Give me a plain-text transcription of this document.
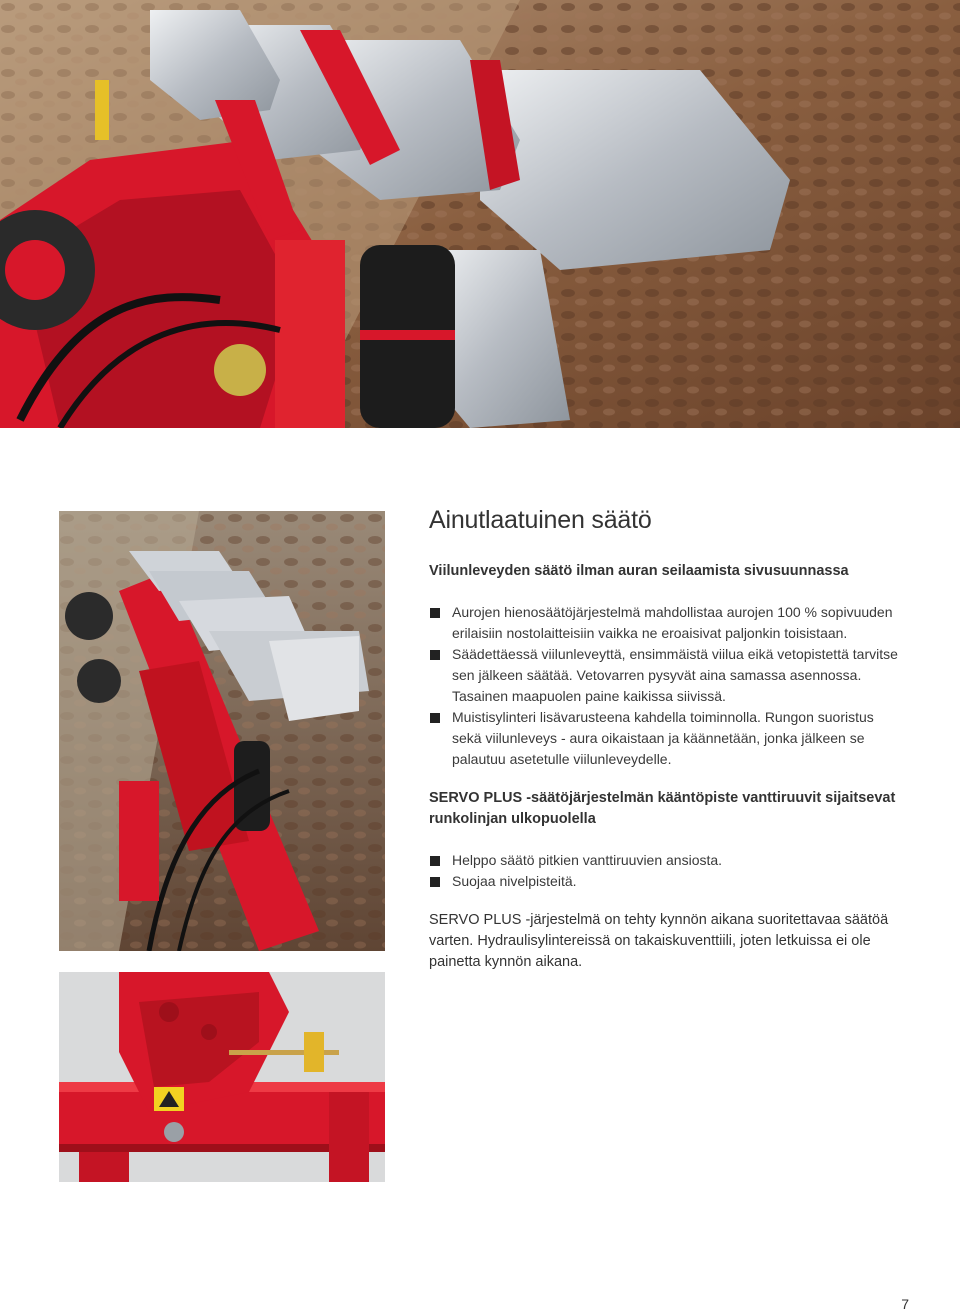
Ainutlaatuinen säätö
Viilunleveyden säätö ilman auran seilaamista sivusuunnassa
Aurojen hienosäätöjärjestelmä mahdollistaa aurojen 100 % sopivuuden erilaisiin nostolaitteisiin vaikka ne eroaisivat paljonkin toisistaan.
Säädettäessä viilunleveyttä, ensimmäistä viilua eikä vetopistettä tarvitse sen jälkeen säätää. Vetovarren pysyvät aina samassa asennossa. Tasainen maapuolen paine kaikissa siivissä.
Muistisylinteri lisävarusteena kahdella toiminnolla. Rungon suoristus sekä viilunleveys - aura oikaistaan ja käännetään, jonka jälkeen se palautuu asetetulle viilunleveydelle.
SERVO PLUS -säätöjärjestelmän kääntöpiste vanttiruuvit sijaitsevat runkolinjan ulkopuolella
Helppo säätö pitkien vanttiruuvien ansiosta.
Suojaa nivelpisteitä.

SERVO PLUS -järjestelmä on tehty kynnön aikana suoritettavaa säätöä varten. Hydraulisylintereissä on takaiskuventtiili, joten letkuissa ei ole painetta kynnön aikana.

7
